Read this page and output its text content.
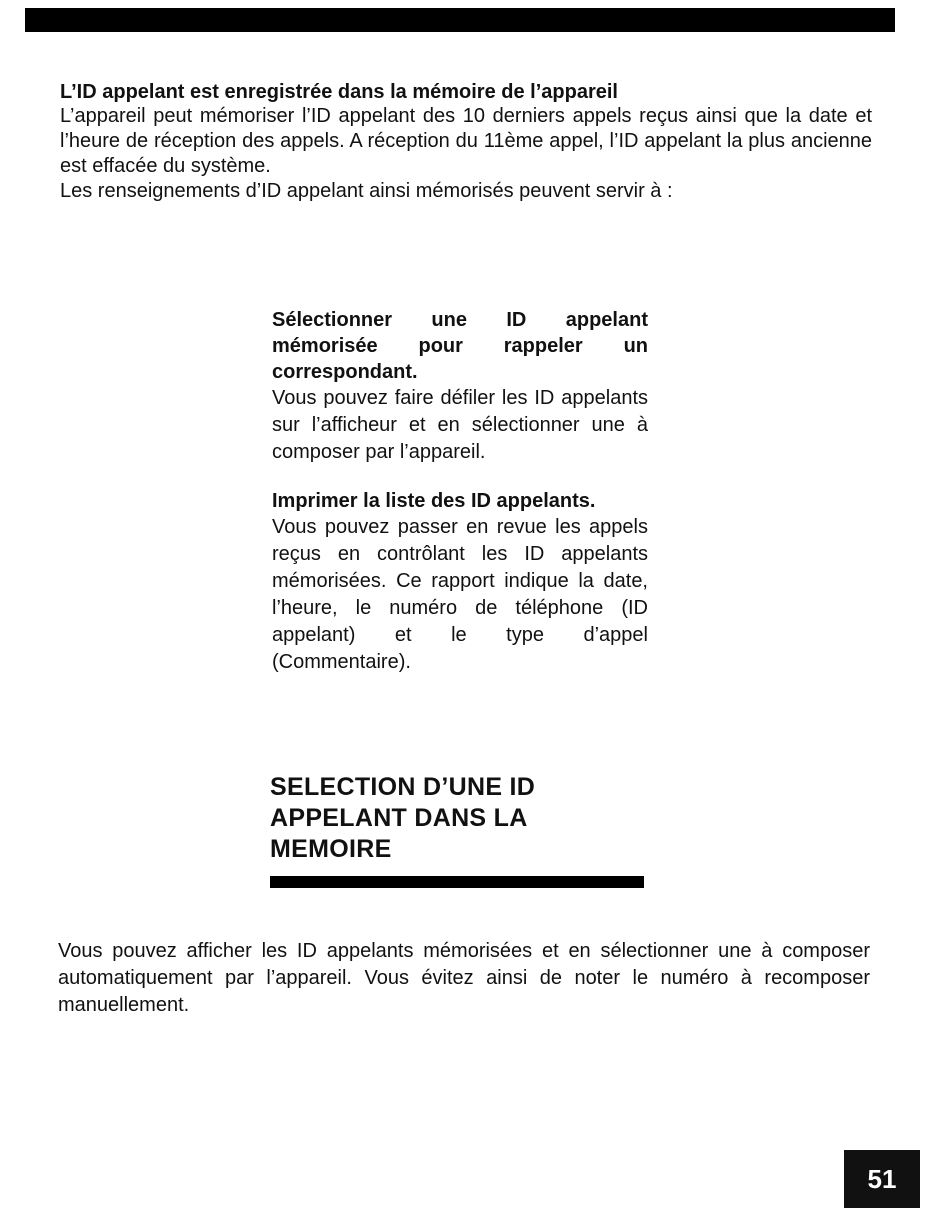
L’ID appelant est enregistrée dans la mémoire de l’appareil

L’appareil peut mémoriser l’ID appelant des 10 derniers appels reçus ainsi que la date et l’heure de réception des appels. A réception du 11ème appel, l’ID appelant la plus ancienne est effacée du système.

Les renseignements d’ID appelant ainsi mémorisés peuvent servir à :

Sélectionner une ID appelant mémorisée pour rappeler un correspondant.

Vous pouvez faire défiler les ID appelants sur l’afficheur et en sélectionner une à composer par l’appareil.

Imprimer la liste des ID appelants.

Vous pouvez passer en revue les appels reçus en contrôlant les ID appelants mémorisées. Ce rapport indique la date, l’heure, le numéro de téléphone (ID appelant) et le type d’appel (Commentaire).

SELECTION D’UNE ID
APPELANT DANS LA
MEMOIRE

Vous pouvez afficher les ID appelants mémorisées et en sélectionner une à composer automatiquement par l’appareil. Vous évitez ainsi de noter le numéro à recomposer manuellement.

51
